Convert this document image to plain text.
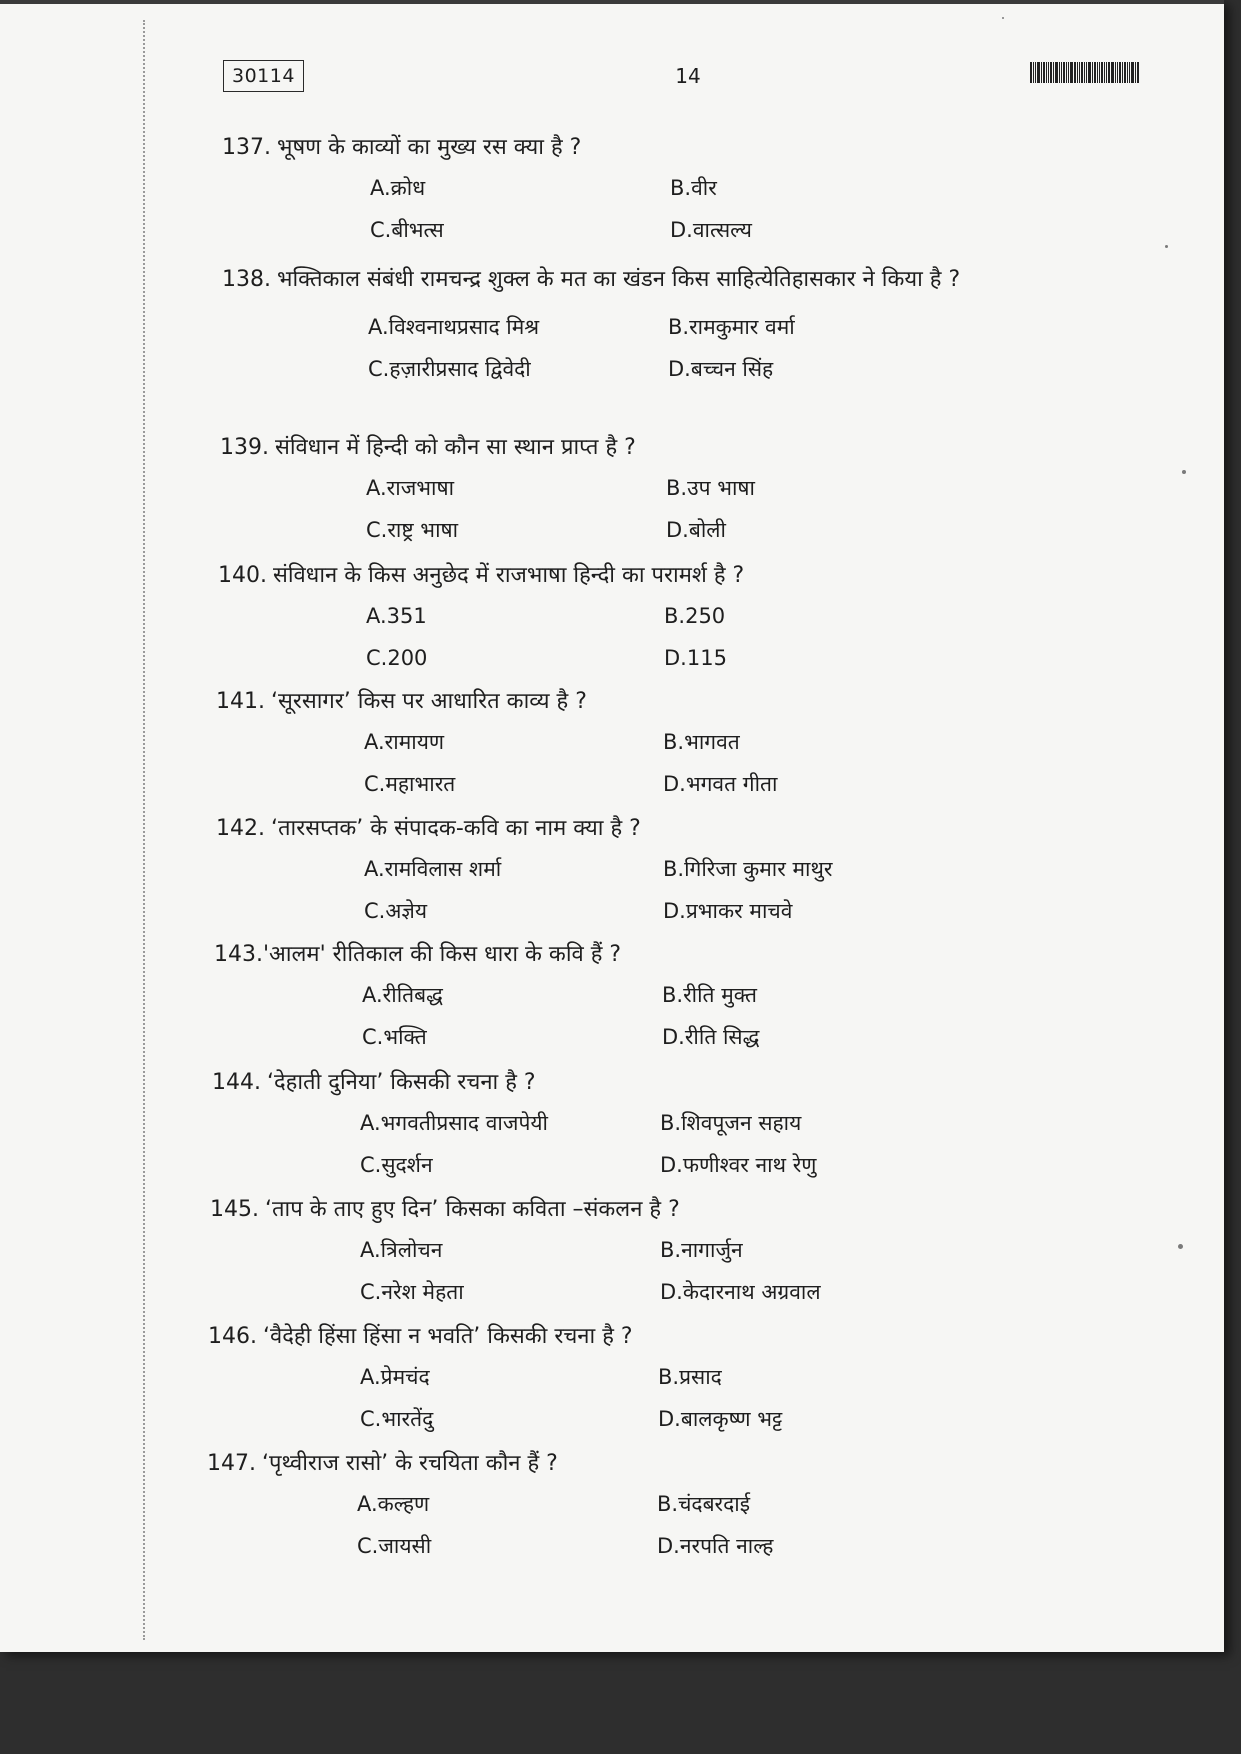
30114	14
137. भूषण के काव्यों का मुख्य रस क्या है ?
A.क्रोध	B.वीर
C.बीभत्स	D.वात्सल्य
138. भक्तिकाल संबंधी रामचन्द्र शुक्ल के मत का खंडन किस साहित्येतिहासकार ने किया है ?
A.विश्वनाथप्रसाद मिश्र	B.रामकुमार वर्मा
C.हज़ारीप्रसाद द्विवेदी	D.बच्चन सिंह
139. संविधान में हिन्दी को कौन सा स्थान प्राप्त है ?
A.राजभाषा	B.उप भाषा
C.राष्ट्र भाषा	D.बोली
140. संविधान के किस अनुछेद में राजभाषा हिन्दी का परामर्श है ?
A.351	B.250
C.200	D.115
141. ‘सूरसागर’ किस पर आधारित काव्य है ?
A.रामायण	B.भागवत
C.महाभारत	D.भगवत गीता
142. ‘तारसप्तक’ के संपादक-कवि का नाम क्या है ?
A.रामविलास शर्मा	B.गिरिजा कुमार माथुर
C.अज्ञेय	D.प्रभाकर माचवे
143.'आलम' रीतिकाल की किस धारा के कवि हैं ?
A.रीतिबद्ध	B.रीति मुक्त
C.भक्ति	D.रीति सिद्ध
144. ‘देहाती दुनिया’ किसकी रचना है ?
A.भगवतीप्रसाद वाजपेयी	B.शिवपूजन सहाय
C.सुदर्शन	D.फणीश्वर नाथ रेणु
145. ‘ताप के ताए हुए दिन’ किसका कविता –संकलन है ?
A.त्रिलोचन	B.नागार्जुन
C.नरेश मेहता	D.केदारनाथ अग्रवाल
146. ‘वैदेही हिंसा हिंसा न भवति’ किसकी रचना है ?
A.प्रेमचंद	B.प्रसाद
C.भारतेंदु	D.बालकृष्ण भट्ट
147. ‘पृथ्वीराज रासो’ के रचयिता कौन हैं ?
A.कल्हण	B.चंदबरदाई
C.जायसी	D.नरपति नाल्ह
